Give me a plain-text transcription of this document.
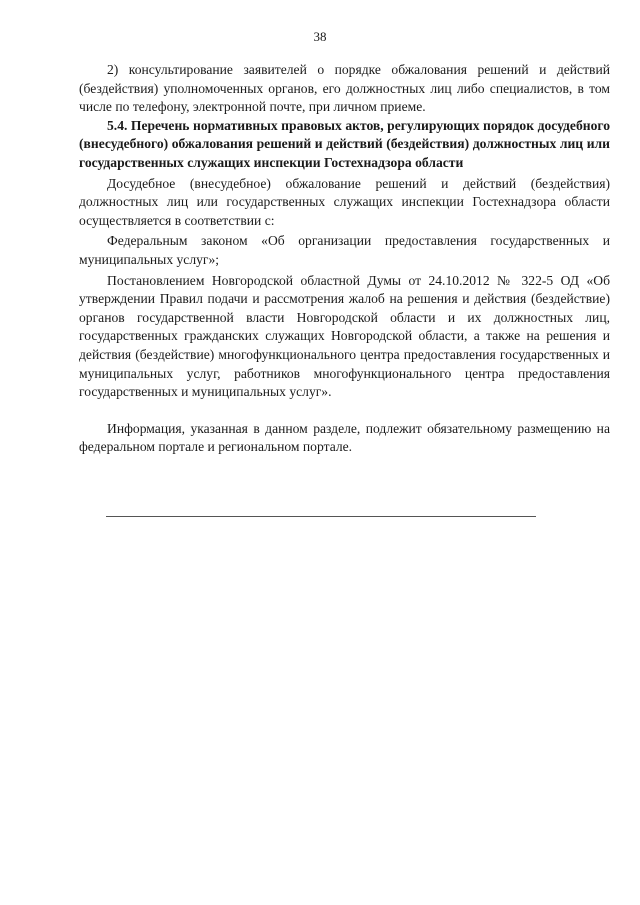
38

2) консультирование заявителей о порядке обжалования решений и действий (бездействия) уполномоченных органов, его должностных лиц либо специалистов, в том числе по телефону, электронной почте, при личном приеме.

5.4. Перечень нормативных правовых актов, регулирующих порядок досудебного (внесудебного) обжалования решений и действий (бездействия) должностных лиц или государственных служащих инспекции Гостехнадзора области

Досудебное (внесудебное) обжалование решений и действий (бездействия) должностных лиц или государственных служащих инспекции Гостехнадзора области осуществляется в соответствии с:

Федеральным законом «Об организации предоставления государственных и муниципальных услуг»;

Постановлением Новгородской областной Думы от 24.10.2012 № 322-5 ОД «Об утверждении Правил подачи и рассмотрения жалоб на решения и действия (бездействие) органов государственной власти Новгородской области и их должностных лиц, государственных гражданских служащих Новгородской области, а также на решения и действия (бездействие) многофункционального центра предоставления государственных и муниципальных услуг, работников многофункционального центра предоставления государственных и муниципальных услуг».

Информация, указанная в данном разделе, подлежит обязательному размещению на федеральном портале и региональном портале.
